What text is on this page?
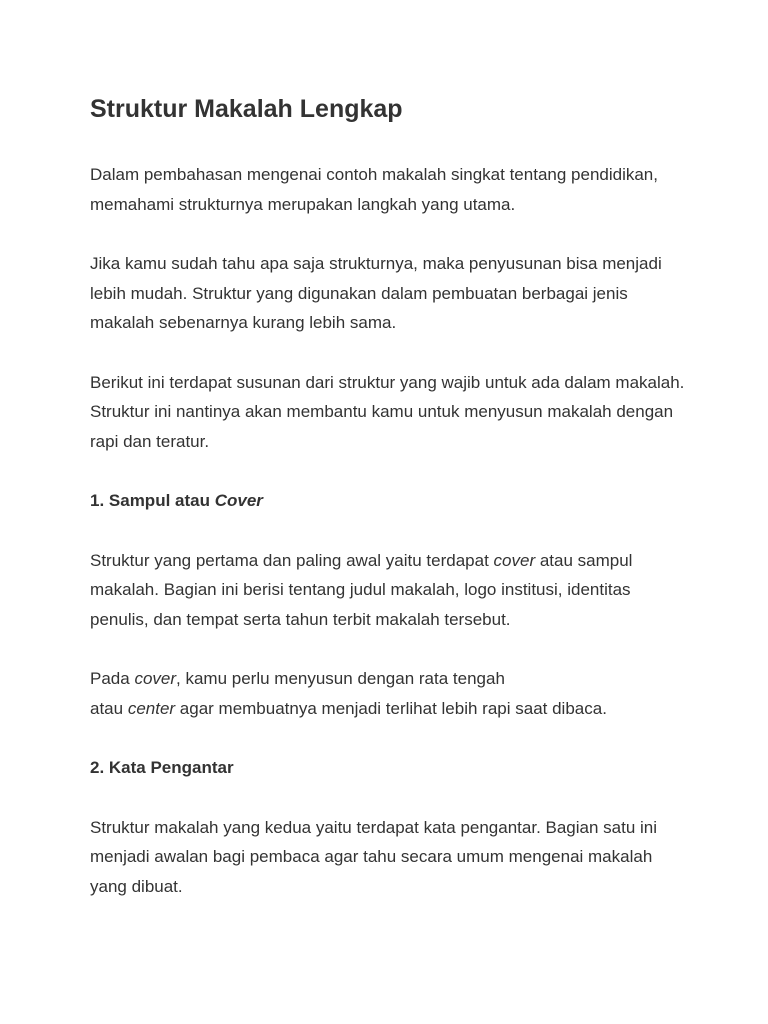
Struktur Makalah Lengkap

Dalam pembahasan mengenai contoh makalah singkat tentang pendidikan, memahami strukturnya merupakan langkah yang utama.

Jika kamu sudah tahu apa saja strukturnya, maka penyusunan bisa menjadi lebih mudah. Struktur yang digunakan dalam pembuatan berbagai jenis makalah sebenarnya kurang lebih sama.

Berikut ini terdapat susunan dari struktur yang wajib untuk ada dalam makalah. Struktur ini nantinya akan membantu kamu untuk menyusun makalah dengan rapi dan teratur.

1. Sampul atau Cover

Struktur yang pertama dan paling awal yaitu terdapat cover atau sampul makalah. Bagian ini berisi tentang judul makalah, logo institusi, identitas penulis, dan tempat serta tahun terbit makalah tersebut.

Pada cover, kamu perlu menyusun dengan rata tengah
atau center agar membuatnya menjadi terlihat lebih rapi saat dibaca.

2. Kata Pengantar

Struktur makalah yang kedua yaitu terdapat kata pengantar. Bagian satu ini menjadi awalan bagi pembaca agar tahu secara umum mengenai makalah yang dibuat.
